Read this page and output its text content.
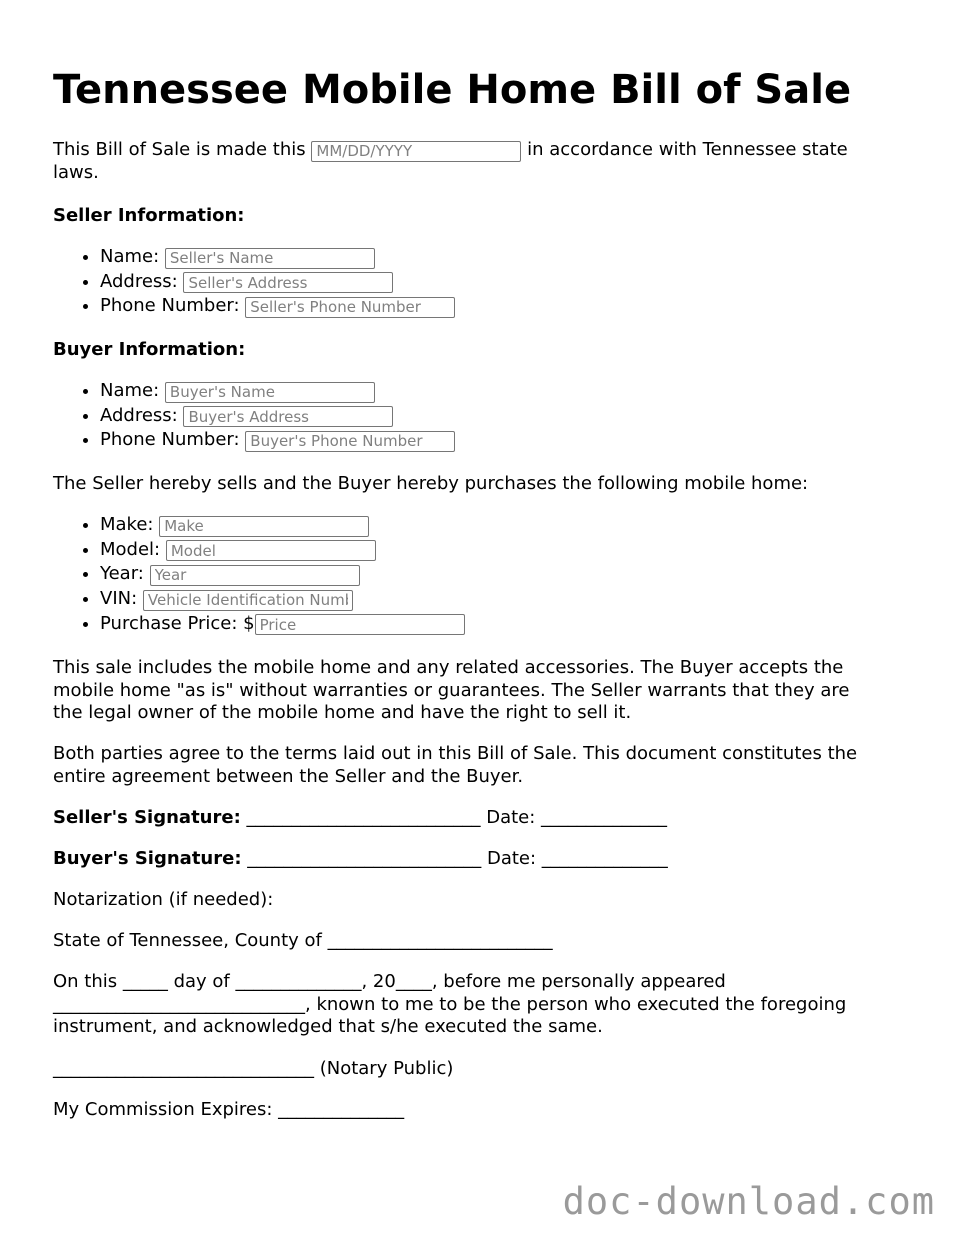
Tennessee Mobile Home Bill of Sale

This Bill of Sale is made this MM/DD/YYYY	in accordance with Tennessee state
laws.

Seller Information:

• Name: Seller's Name
• Address: Seller's Address
• Phone Number: Seller's Phone Number

Buyer Information:

• Name: Buyer's Name
• Address: Buyer's Address
• Phone Number: Buyer's Phone Number

The Seller hereby sells and the Buyer hereby purchases the following mobile home:

• Make: Make
• Model: Model
• Year: Year
• VIN: Vehicle Identification Number
• Purchase Price: $Price

This sale includes the mobile home and any related accessories. The Buyer accepts the
mobile home "as is" without warranties or guarantees. The Seller warrants that they are
the legal owner of the mobile home and have the right to sell it.

Both parties agree to the terms laid out in this Bill of Sale. This document constitutes the
entire agreement between the Seller and the Buyer.

Seller's Signature: __________________________ Date: ______________

Buyer's Signature: __________________________ Date: ______________

Notarization (if needed):

State of Tennessee, County of _________________________

On this _____ day of ______________, 20____, before me personally appeared
____________________________, known to me to be the person who executed the foregoing
instrument, and acknowledged that s/he executed the same.

_____________________________ (Notary Public)

My Commission Expires: ______________

doc-download.com
